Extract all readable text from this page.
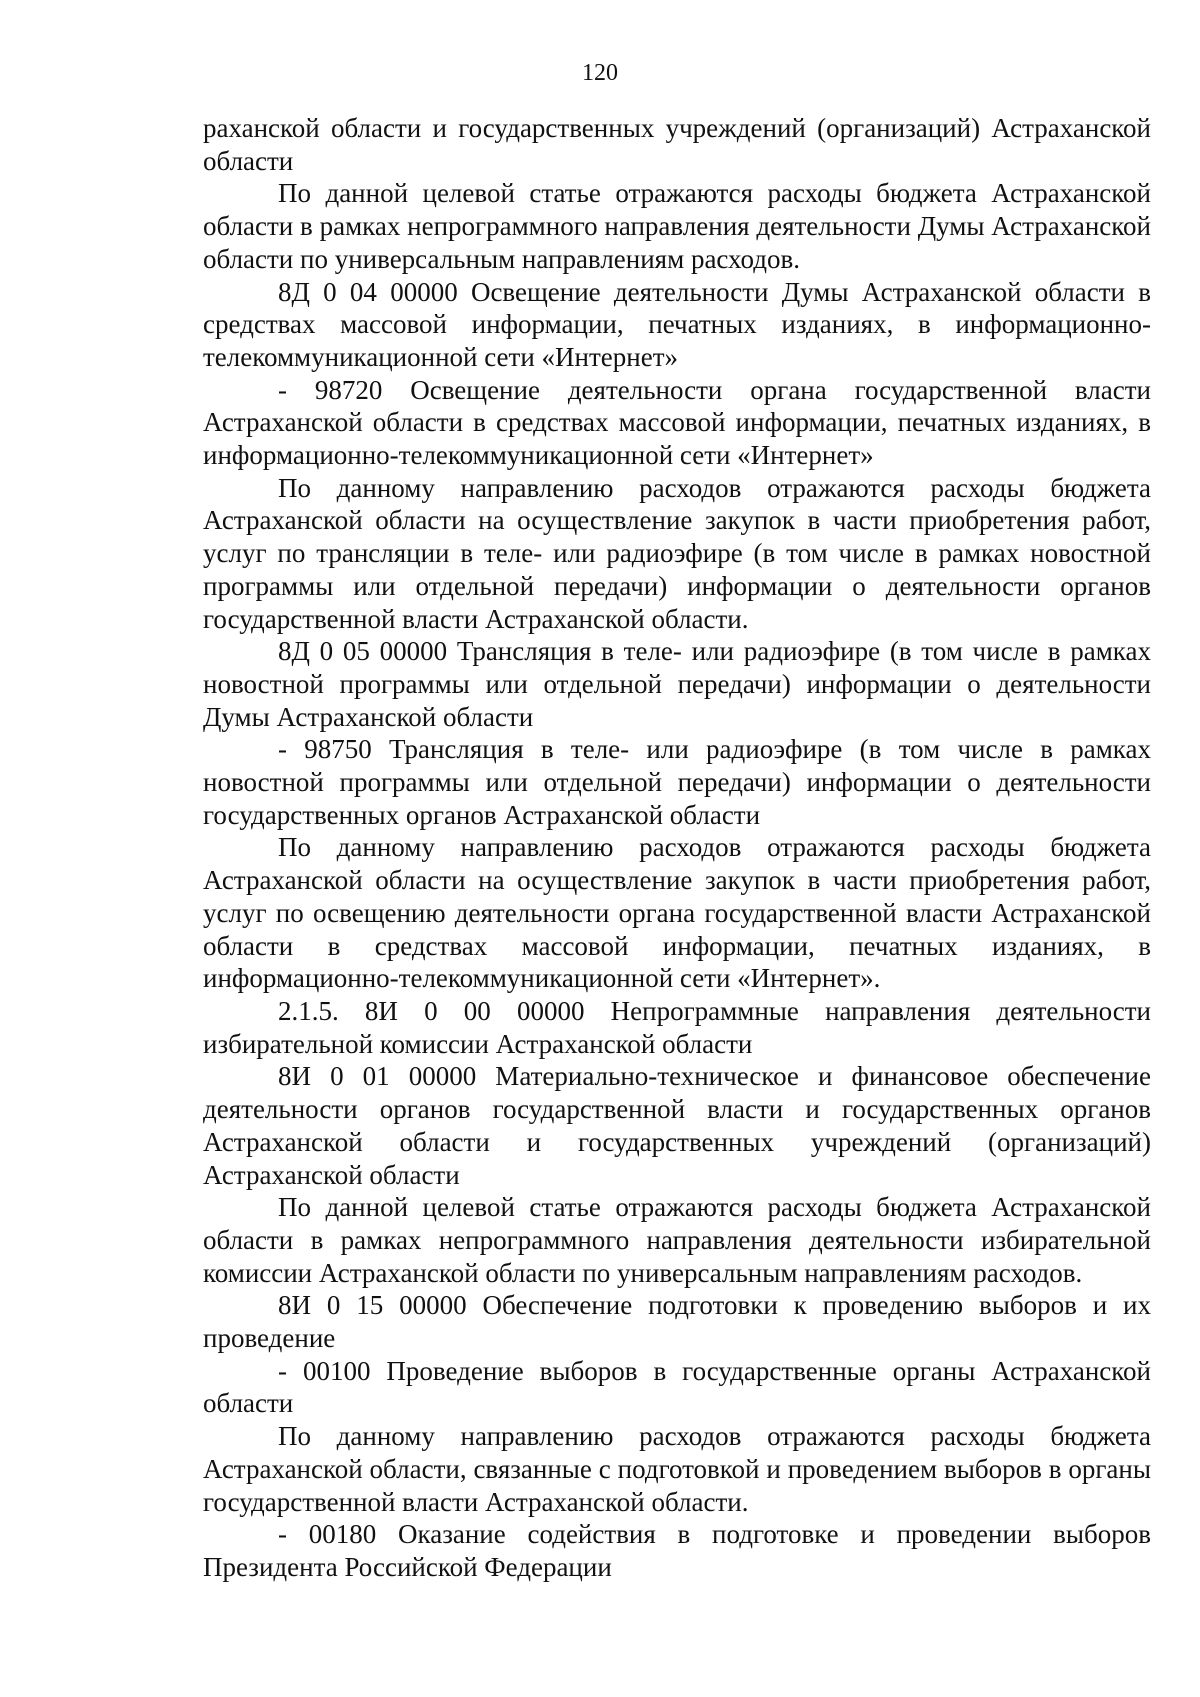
120

раханской области и государственных учреждений (организаций) Астраханской области

По данной целевой статье отражаются расходы бюджета Астраханской области в рамках непрограммного направления деятельности Думы Астраханской области по универсальным направлениям расходов.

8Д 0 04 00000 Освещение деятельности Думы Астраханской области в средствах массовой информации, печатных изданиях, в информационно-телекоммуникационной сети «Интернет»

- 98720 Освещение деятельности органа государственной власти Астраханской области в средствах массовой информации, печатных изданиях, в информационно-телекоммуникационной сети «Интернет»

По данному направлению расходов отражаются расходы бюджета Астраханской области на осуществление закупок в части приобретения работ, услуг по трансляции в теле- или радиоэфире (в том числе в рамках новостной программы или отдельной передачи) информации о деятельности органов государственной власти Астраханской области.

8Д 0 05 00000 Трансляция в теле- или радиоэфире (в том числе в рамках новостной программы или отдельной передачи) информации о деятельности Думы Астраханской области

- 98750 Трансляция в теле- или радиоэфире (в том числе в рамках новостной программы или отдельной передачи) информации о деятельности государственных органов Астраханской области

По данному направлению расходов отражаются расходы бюджета Астраханской области на осуществление закупок в части приобретения работ, услуг по освещению деятельности органа государственной власти Астраханской области в средствах массовой информации, печатных изданиях, в информационно-телекоммуникационной сети «Интернет».

2.1.5. 8И 0 00 00000 Непрограммные направления деятельности избирательной комиссии Астраханской области

8И 0 01 00000 Материально-техническое и финансовое обеспечение деятельности органов государственной власти и государственных органов Астраханской области и государственных учреждений (организаций) Астраханской области

По данной целевой статье отражаются расходы бюджета Астраханской области в рамках непрограммного направления деятельности избирательной комиссии Астраханской области по универсальным направлениям расходов.

8И 0 15 00000 Обеспечение подготовки к проведению выборов и их проведение

- 00100 Проведение выборов в государственные органы Астраханской области

По данному направлению расходов отражаются расходы бюджета Астраханской области, связанные с подготовкой и проведением выборов в органы государственной власти Астраханской области.

- 00180 Оказание содействия в подготовке и проведении выборов Президента Российской Федерации
